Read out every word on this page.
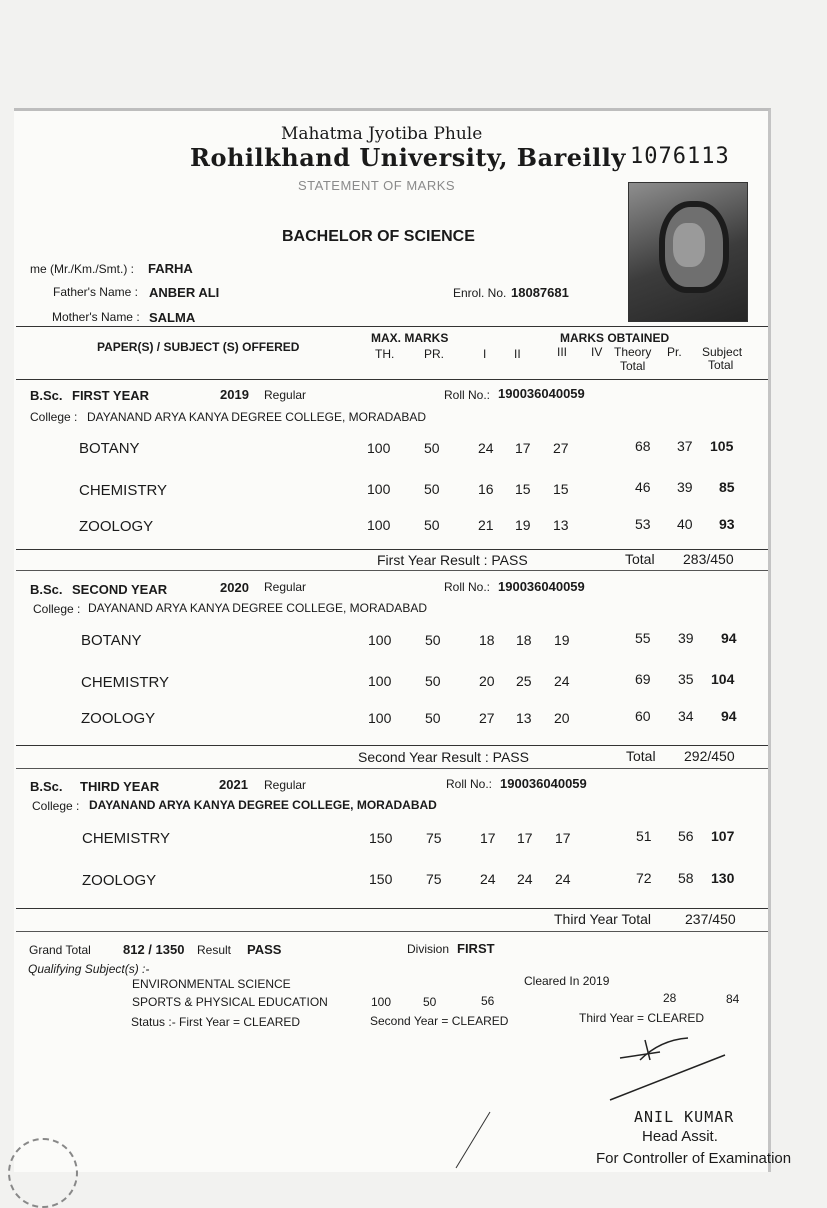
Mahatma Jyotiba Phule
Rohilkhand University, Bareilly
STATEMENT OF MARKS
1076113
BACHELOR OF SCIENCE
me (Mr./Km./Smt.) : FARHA
Father's Name : ANBER ALI	Enrol. No. 18087681
Mother's Name : SALMA
PAPER(S) / SUBJECT (S) OFFERED
MAX. MARKS
TH. PR.
MARKS OBTAINED
I II	III IV Theory
Total
Pr. Subject
Total
B.Sc. FIRST YEAR	2019 Regular	Roll No.: 190036040059
College : DAYANAND ARYA KANYA DEGREE COLLEGE, MORADABAD
BOTANY	100 50	24 17 27	68 37 105
CHEMISTRY	100 50	16 15 15	46 39 85
ZOOLOGY	100 50	21 19 13	53 40 93
First Year Result : PASS	Total 283/450
B.Sc. SECOND YEAR	2020 Regular	Roll No.: 190036040059
College : DAYANAND ARYA KANYA DEGREE COLLEGE, MORADABAD
BOTANY	100 50	18 18 19	55 39 94
CHEMISTRY	100 50	20 25 24	69 35 104
ZOOLOGY	100 50	27 13 20	60 34 94
Second Year Result : PASS	Total 292/450
B.Sc. THIRD YEAR	2021 Regular	Roll No.: 190036040059
College : DAYANAND ARYA KANYA DEGREE COLLEGE, MORADABAD
CHEMISTRY	150 75	17 17 17	51 56 107
ZOOLOGY	150 75	24 24 24	72 58 130
Third Year Total 237/450
Grand Total 812 / 1350 Result PASS	Division FIRST
Qualifying Subject(s) :-
ENVIRONMENTAL SCIENCE	Cleared In 2019
SPORTS & PHYSICAL EDUCATION	100	50	56	28	84
Status :- First Year = CLEARED	Second Year = CLEARED	Third Year = CLEARED
ANIL KUMAR
Head Assit.
For Controller of Examination
